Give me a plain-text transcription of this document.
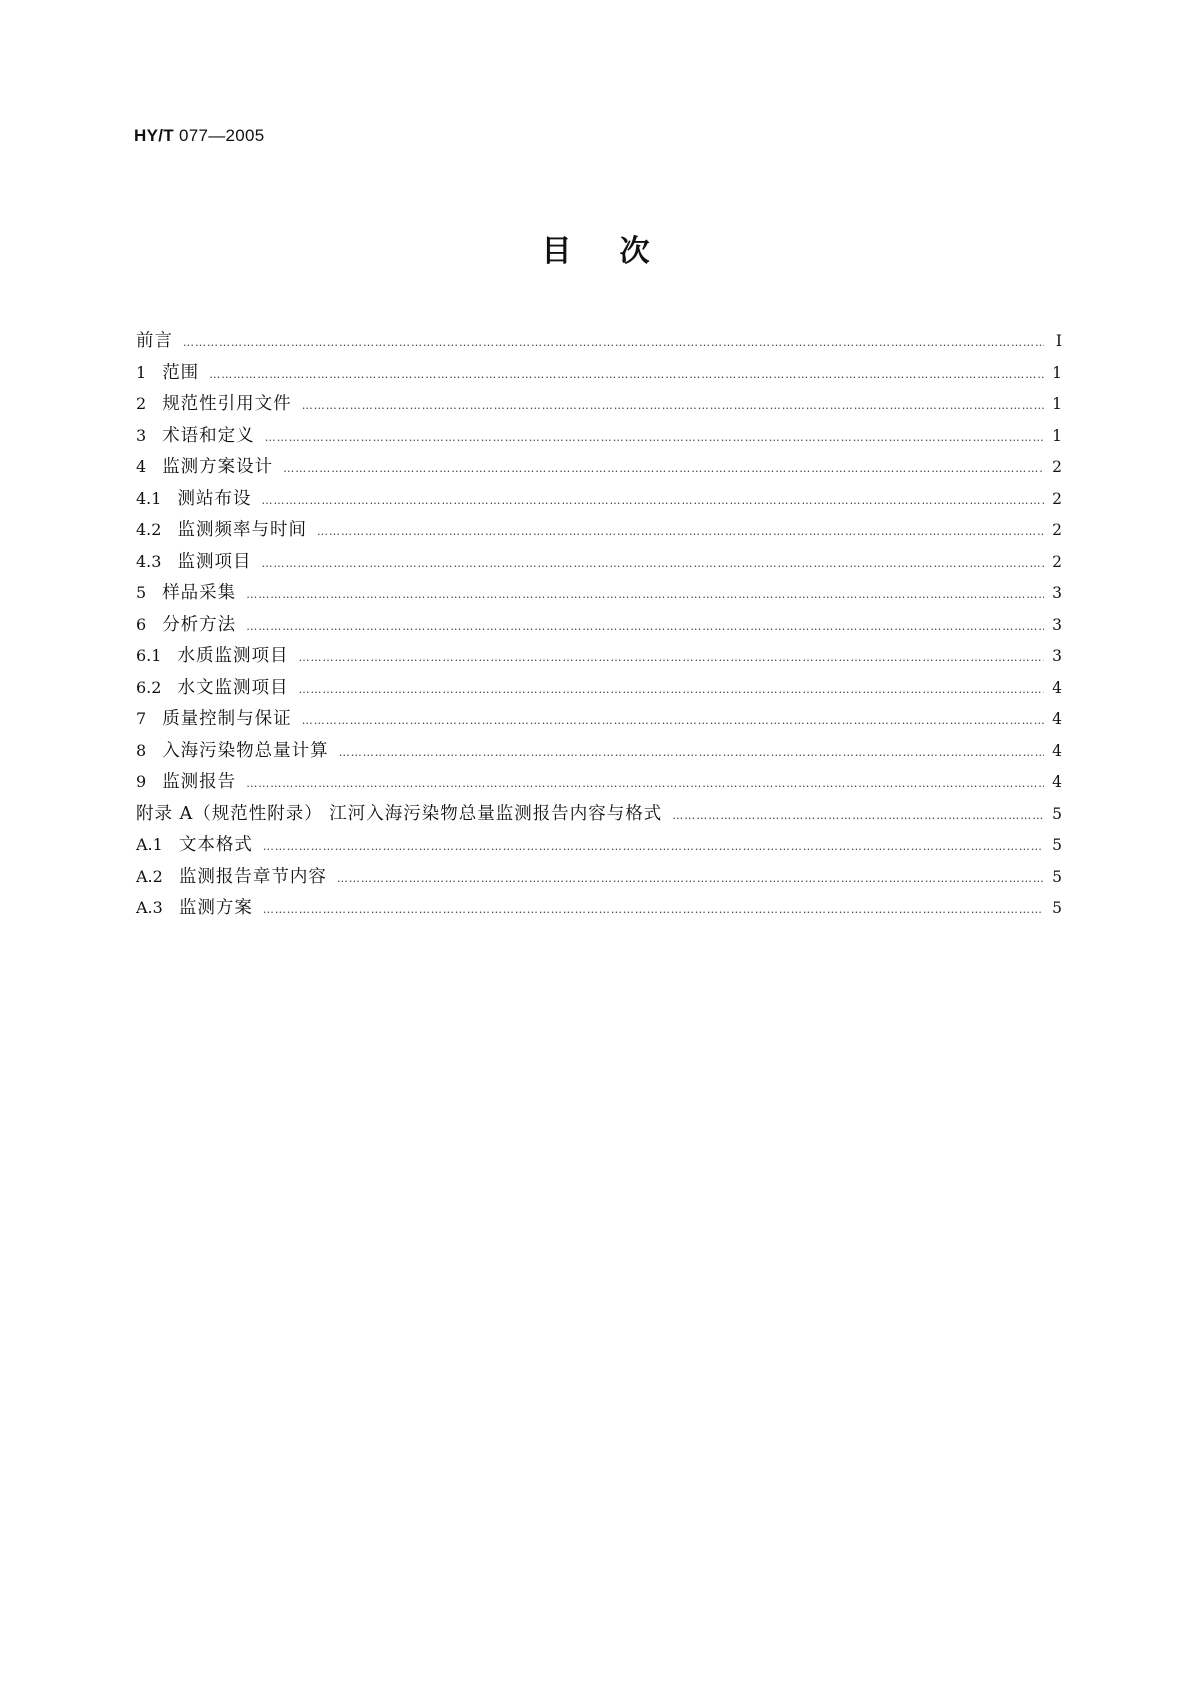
HY/T 077—2005
目 次
前言 ………………………………………………………………………………………………………………………………………………………………………………………………	I
1 范围 ………………………………………………………………………………………………………………………………………………………………………………………………	1
2 规范性引用文件 ………………………………………………………………………………………………………………………………………………………………………………………………	1
3 术语和定义 ………………………………………………………………………………………………………………………………………………………………………………………………	1
4 监测方案设计 ………………………………………………………………………………………………………………………………………………………………………………………………	2
4.1 测站布设 ………………………………………………………………………………………………………………………………………………………………………………………………	2
4.2 监测频率与时间 ………………………………………………………………………………………………………………………………………………………………………………………………	2
4.3 监测项目 ………………………………………………………………………………………………………………………………………………………………………………………………	2
5 样品采集 ………………………………………………………………………………………………………………………………………………………………………………………………	3
6 分析方法 ………………………………………………………………………………………………………………………………………………………………………………………………	3
6.1 水质监测项目 ………………………………………………………………………………………………………………………………………………………………………………………………	3
6.2 水文监测项目 ………………………………………………………………………………………………………………………………………………………………………………………………	4
7 质量控制与保证 ………………………………………………………………………………………………………………………………………………………………………………………………	4
8 入海污染物总量计算 ………………………………………………………………………………………………………………………………………………………………………………………………	4
9 监测报告 ………………………………………………………………………………………………………………………………………………………………………………………………	4
附录 A（规范性附录） 江河入海污染物总量监测报告内容与格式 ………………………………………………………………………………………………………………………………………………………………………………………………	5
A.1 文本格式 ………………………………………………………………………………………………………………………………………………………………………………………………	5
A.2 监测报告章节内容 ………………………………………………………………………………………………………………………………………………………………………………………………	5
A.3 监测方案 ………………………………………………………………………………………………………………………………………………………………………………………………	5
